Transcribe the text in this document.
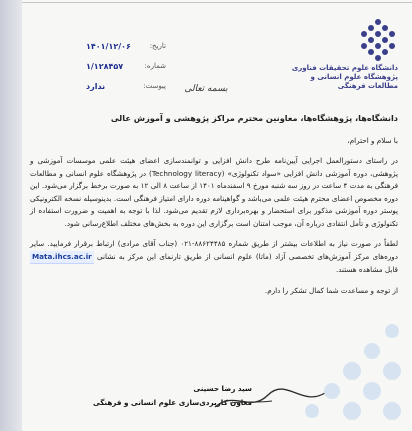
دانشگاه علوم تحقیقات فناوری
پژوهشگاه علوم انسانی و مطالعات فرهنگی
تاریخ:
۱۴۰۱/۱۲/۰۶
شماره:
۱/۱۲۸۴۵۷
پیوست:
ندارد	بسمه تعالی
دانشگاه‌ها، پژوهشگاه‌ها، معاونین محترم مراکز پژوهشی و آموزش عالی
با سلام و احترام،
در راستای دستورالعمل اجرایی آیین‌نامه طرح دانش افزایی و توانمندسازی اعضای هیئت علمی موسسات آموزشی و پژوهشی، دوره آموزشی دانش افزایی «سواد تکنولوژی» (Technology literacy) در پژوهشگاه علوم انسانی و مطالعات فرهنگی به مدت ۴ ساعت در روز سه شنبه مورخ ۹ اسفندماه ۱۴۰۱ از ساعت ۸ الی ۱۲ به صورت برخط برگزار می‌شود. این دوره مخصوص اعضای محترم هیئت علمی می‌باشد و گواهینامه دوره دارای امتیاز فرهنگی است. بدینوسیله نسخه الکترونیکی پوستر دوره آموزشی مذکور برای استحضار و بهره‌برداری لازم تقدیم می‌شود. لذا با توجه به اهمیت و ضرورت استفاده از تکنولوژی و تأمل انتقادی درباره آن، موجب امتنان است برگزاری این دوره به بخش‌های مختلف اطلاع‌رسانی شود.
لطفاً در صورت نیاز به اطلاعات بیشتر از طریق شماره ۸۸۶۲۴۴۸۵-۰۲۱ (جناب آقای مرادی) ارتباط برقرار فرمایید. سایر دوره‌های مرکز آموزش‌های تخصصی آزاد (ماتا) علوم انسانی از طریق تارنمای این مرکز به نشانی Mata.ihcs.ac.ir قابل مشاهده هستند.
از توجه و مساعدت شما کمال تشکر را دارم.
سید رضا حسینی
معاون کاربردی‌سازی علوم انسانی و فرهنگی
